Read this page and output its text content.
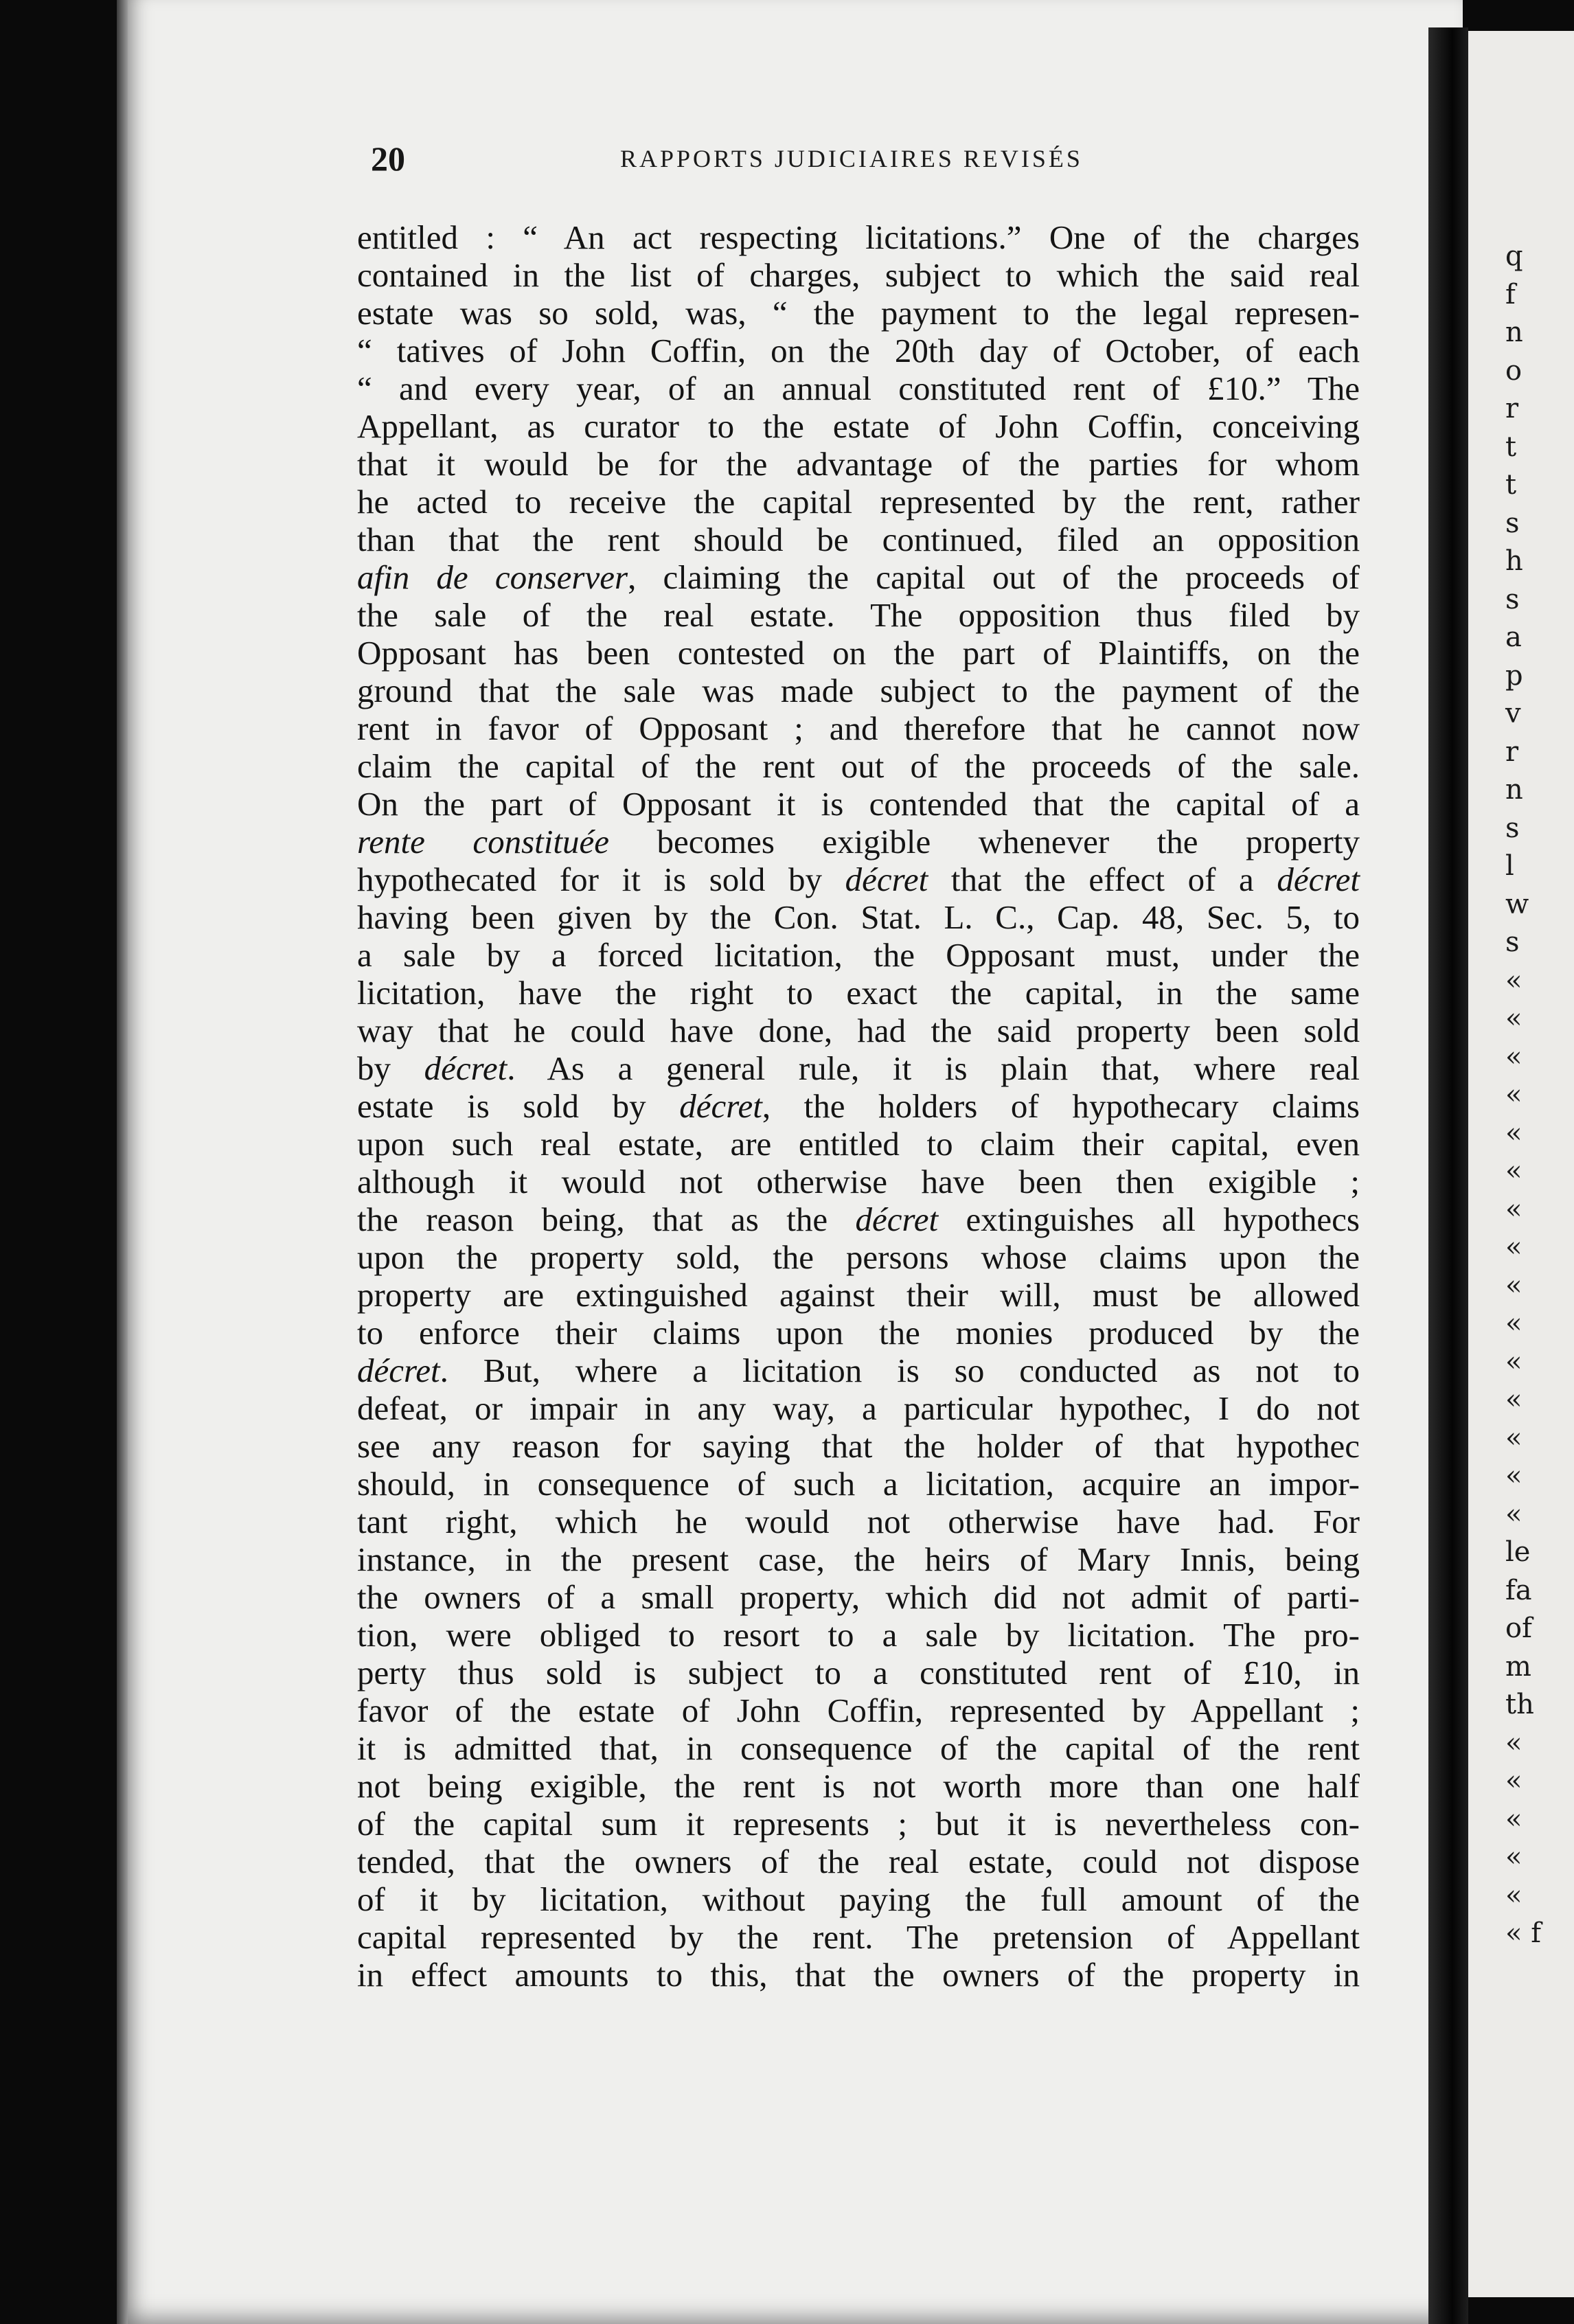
q
f
n
o
r
t
t
s
h
s
a
p
v
r
n
s
l
w
s
«
«
«
«
«
«
«
«
«
«
«
«
«
«
«
le
fa
of
m
th
«
«
«
«
«
« f
20	RAPPORTS JUDICIAIRES REVISÉS
entitled : “ An act respecting licitations.” One of the charges
contained in the list of charges, subject to which the said real
estate was so sold, was, “ the payment to the legal represen-
“ tatives of John Coffin, on the 20th day of October, of each
“ and every year, of an annual constituted rent of £10.” The
Appellant, as curator to the estate of John Coffin, conceiving
that it would be for the advantage of the parties for whom
he acted to receive the capital represented by the rent, rather
than that the rent should be continued, filed an opposition
afin de conserver, claiming the capital out of the proceeds of
the sale of the real estate. The opposition thus filed by
Opposant has been contested on the part of Plaintiffs, on the
ground that the sale was made subject to the payment of the
rent in favor of Opposant ; and therefore that he cannot now
claim the capital of the rent out of the proceeds of the sale.
On the part of Opposant it is contended that the capital of a
rente constituée becomes exigible whenever the property
hypothecated for it is sold by décret that the effect of a décret
having been given by the Con. Stat. L. C., Cap. 48, Sec. 5, to
a sale by a forced licitation, the Opposant must, under the
licitation, have the right to exact the capital, in the same
way that he could have done, had the said property been sold
by décret. As a general rule, it is plain that, where real
estate is sold by décret, the holders of hypothecary claims
upon such real estate, are entitled to claim their capital, even
although it would not otherwise have been then exigible ;
the reason being, that as the décret extinguishes all hypothecs
upon the property sold, the persons whose claims upon the
property are extinguished against their will, must be allowed
to enforce their claims upon the monies produced by the
décret. But, where a licitation is so conducted as not to
defeat, or impair in any way, a particular hypothec, I do not
see any reason for saying that the holder of that hypothec
should, in consequence of such a licitation, acquire an impor-
tant right, which he would not otherwise have had. For
instance, in the present case, the heirs of Mary Innis, being
the owners of a small property, which did not admit of parti-
tion, were obliged to resort to a sale by licitation. The pro-
perty thus sold is subject to a constituted rent of £10, in
favor of the estate of John Coffin, represented by Appellant ;
it is admitted that, in consequence of the capital of the rent
not being exigible, the rent is not worth more than one half
of the capital sum it represents ; but it is nevertheless con-
tended, that the owners of the real estate, could not dispose
of it by licitation, without paying the full amount of the
capital represented by the rent. The pretension of Appellant
in effect amounts to this, that the owners of the property in
